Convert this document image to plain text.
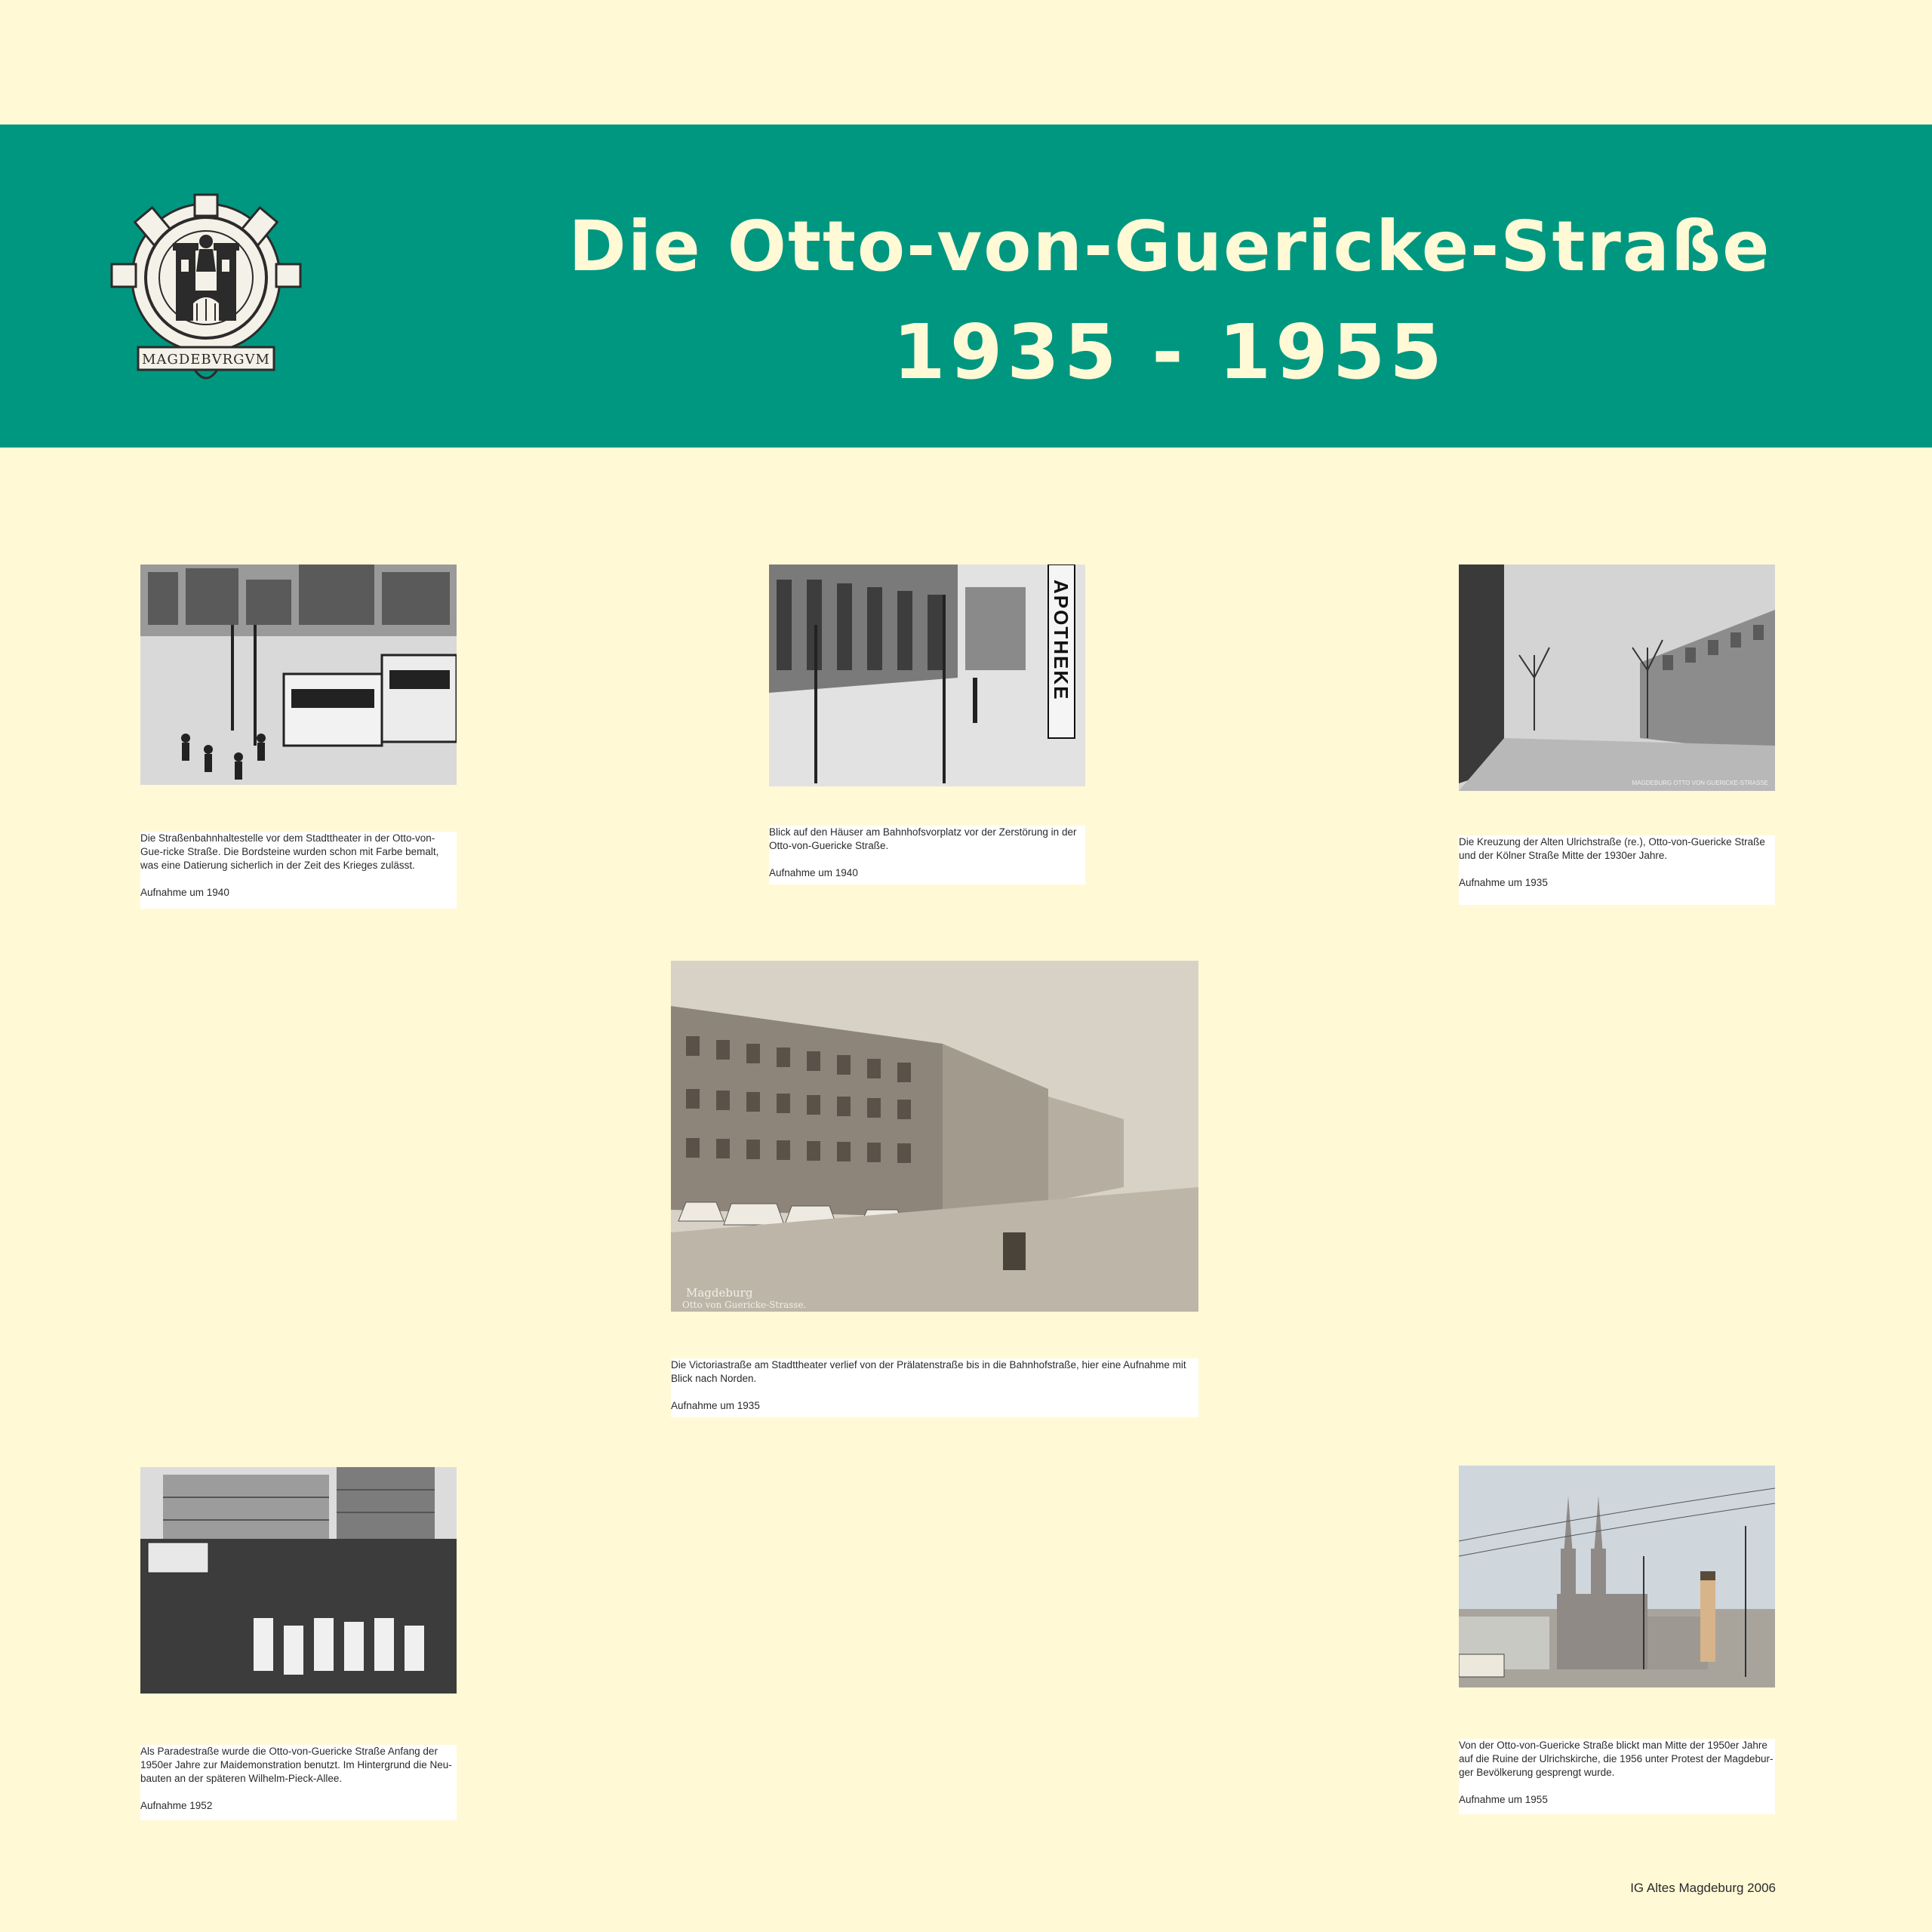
MAGDEBVRGVM
Die Otto-von-Guericke-Straße
1935 - 1955

Die Straßenbahnhaltestelle vor dem Stadttheater in der Otto-von-Gue-ricke Straße. Die Bordsteine wurden schon mit Farbe bemalt, was eine Datierung sicherlich in der Zeit des Krieges zulässt.

Aufnahme um 1940

APOTHEKE

Blick auf den Häuser am Bahnhofsvorplatz vor der Zerstörung in der Otto-von-Guericke Straße.

Aufnahme um 1940

MAGDEBURG OTTO VON GUERICKE-STRASSE

Die Kreuzung der Alten Ulrichstraße (re.), Otto-von-Guericke Straße und der Kölner Straße Mitte der 1930er Jahre.

Aufnahme um 1935

Magdeburg
Otto von Guericke-Strasse.

Die Victoriastraße am Stadttheater verlief von der Prälatenstraße bis in die Bahnhofstraße, hier eine Aufnahme mit Blick nach Norden.

Aufnahme um 1935

Als Paradestraße wurde die Otto-von-Guericke Straße Anfang der 1950er Jahre zur Maidemonstration benutzt. Im Hintergrund die Neu-bauten an der späteren Wilhelm-Pieck-Allee.

Aufnahme 1952

Von der Otto-von-Guericke Straße blickt man Mitte der 1950er Jahre auf die Ruine der Ulrichskirche, die 1956 unter Protest der Magdebur-ger Bevölkerung gesprengt wurde.

Aufnahme um 1955

IG Altes Magdeburg 2006
